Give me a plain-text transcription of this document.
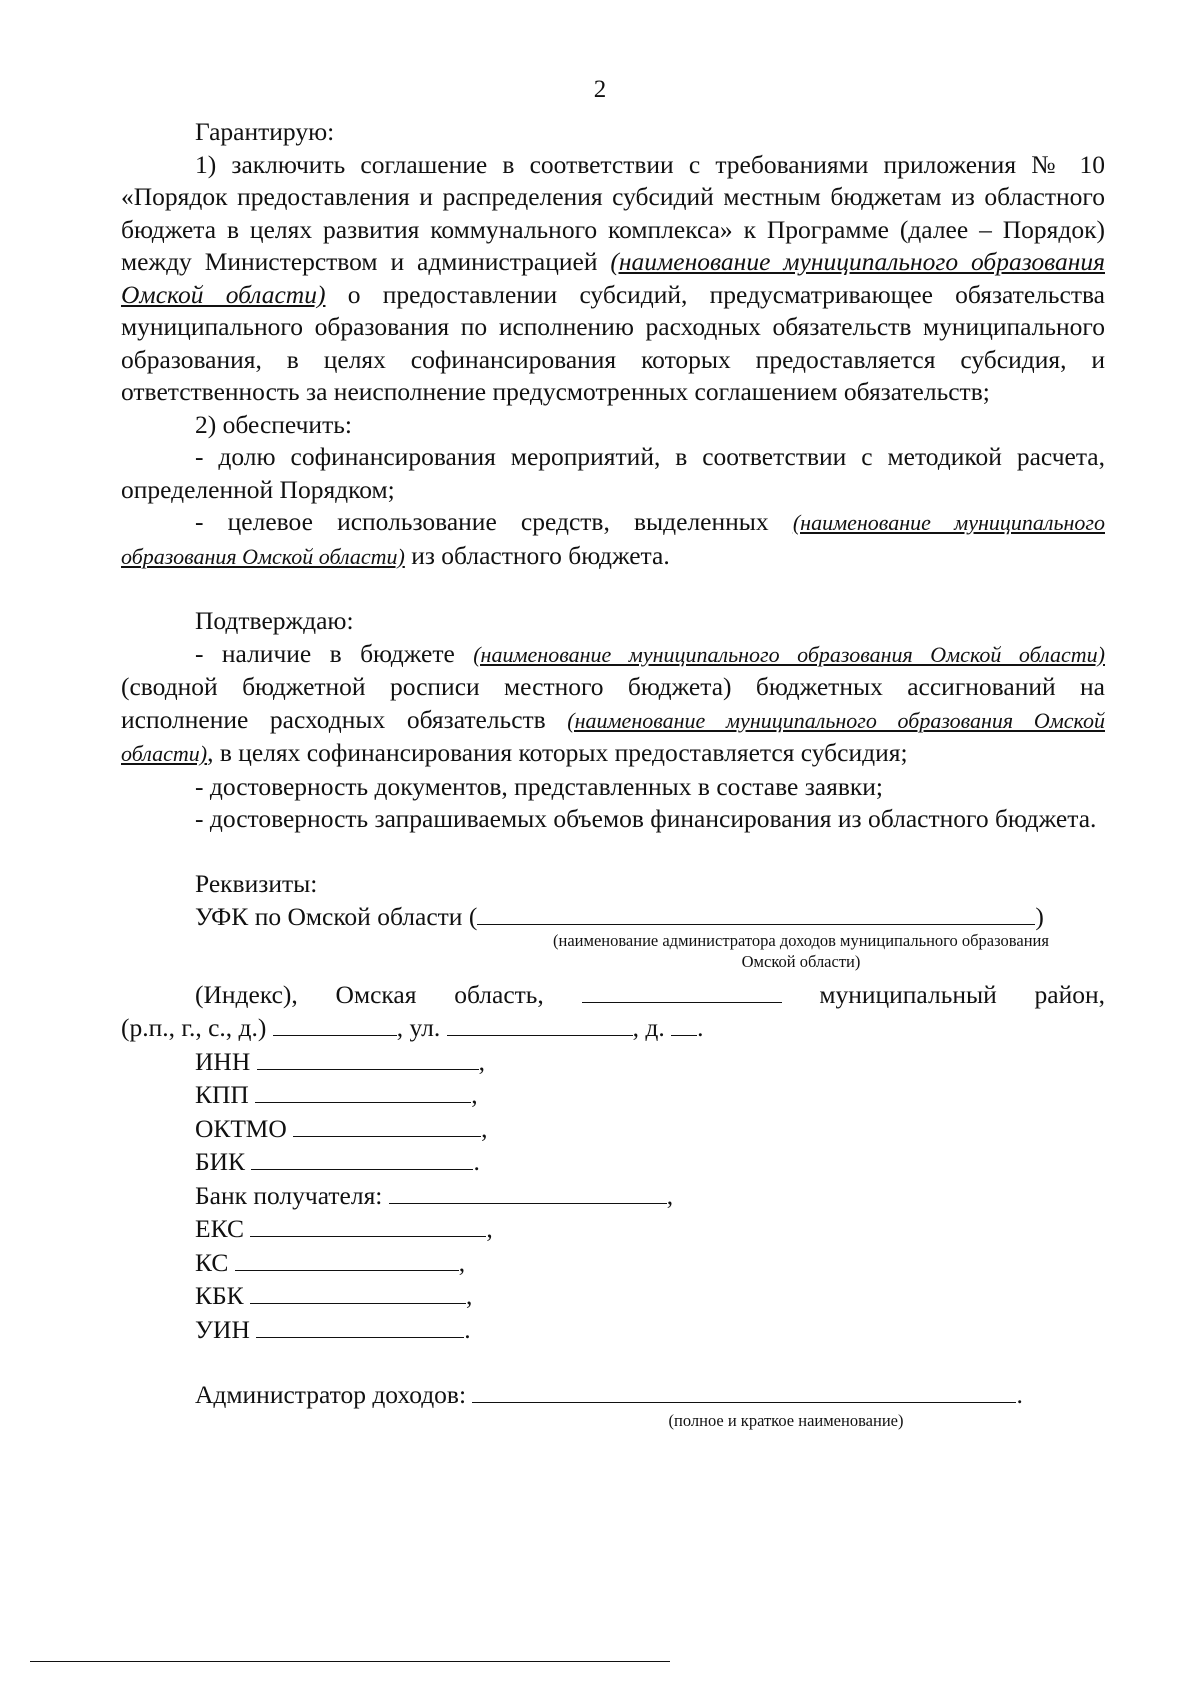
2

Гарантирую:

1) заключить соглашение в соответствии с требованиями приложения № 10 «Порядок предоставления и распределения субсидий местным бюджетам из областного бюджета в целях развития коммунального комплекса» к Программе (далее – Порядок) между Министерством и администрацией (наименование муниципального образования Омской области) о предоставлении субсидий, предусматривающее обязательства муниципального образования по исполнению расходных обязательств муниципального образования, в целях софинансирования которых предоставляется субсидия, и ответственность за неисполнение предусмотренных соглашением обязательств;

2) обеспечить:

- долю софинансирования мероприятий, в соответствии с методикой расчета, определенной Порядком;

- целевое использование средств, выделенных (наименование муниципального образования Омской области) из областного бюджета.

Подтверждаю:

- наличие в бюджете (наименование муниципального образования Омской области) (сводной бюджетной росписи местного бюджета) бюджетных ассигнований на исполнение расходных обязательств (наименование муниципального образования Омской области), в целях софинансирования которых предоставляется субсидия;

- достоверность документов, представленных в составе заявки;

- достоверность запрашиваемых объемов финансирования из областного бюджета.

Реквизиты:

УФК по Омской области (	)

(наименование администратора доходов муниципального образования Омской области)

(Индекс), Омская область,	муниципальный район,

(р.п., г., с., д.)	, ул.	, д. .

ИНН	,

КПП	,

ОКТМО	,

БИК	.

Банк получателя:	,

ЕКС	,

КС	,

КБК	,

УИН	.

Администратор доходов:	.

(полное и краткое наименование)
